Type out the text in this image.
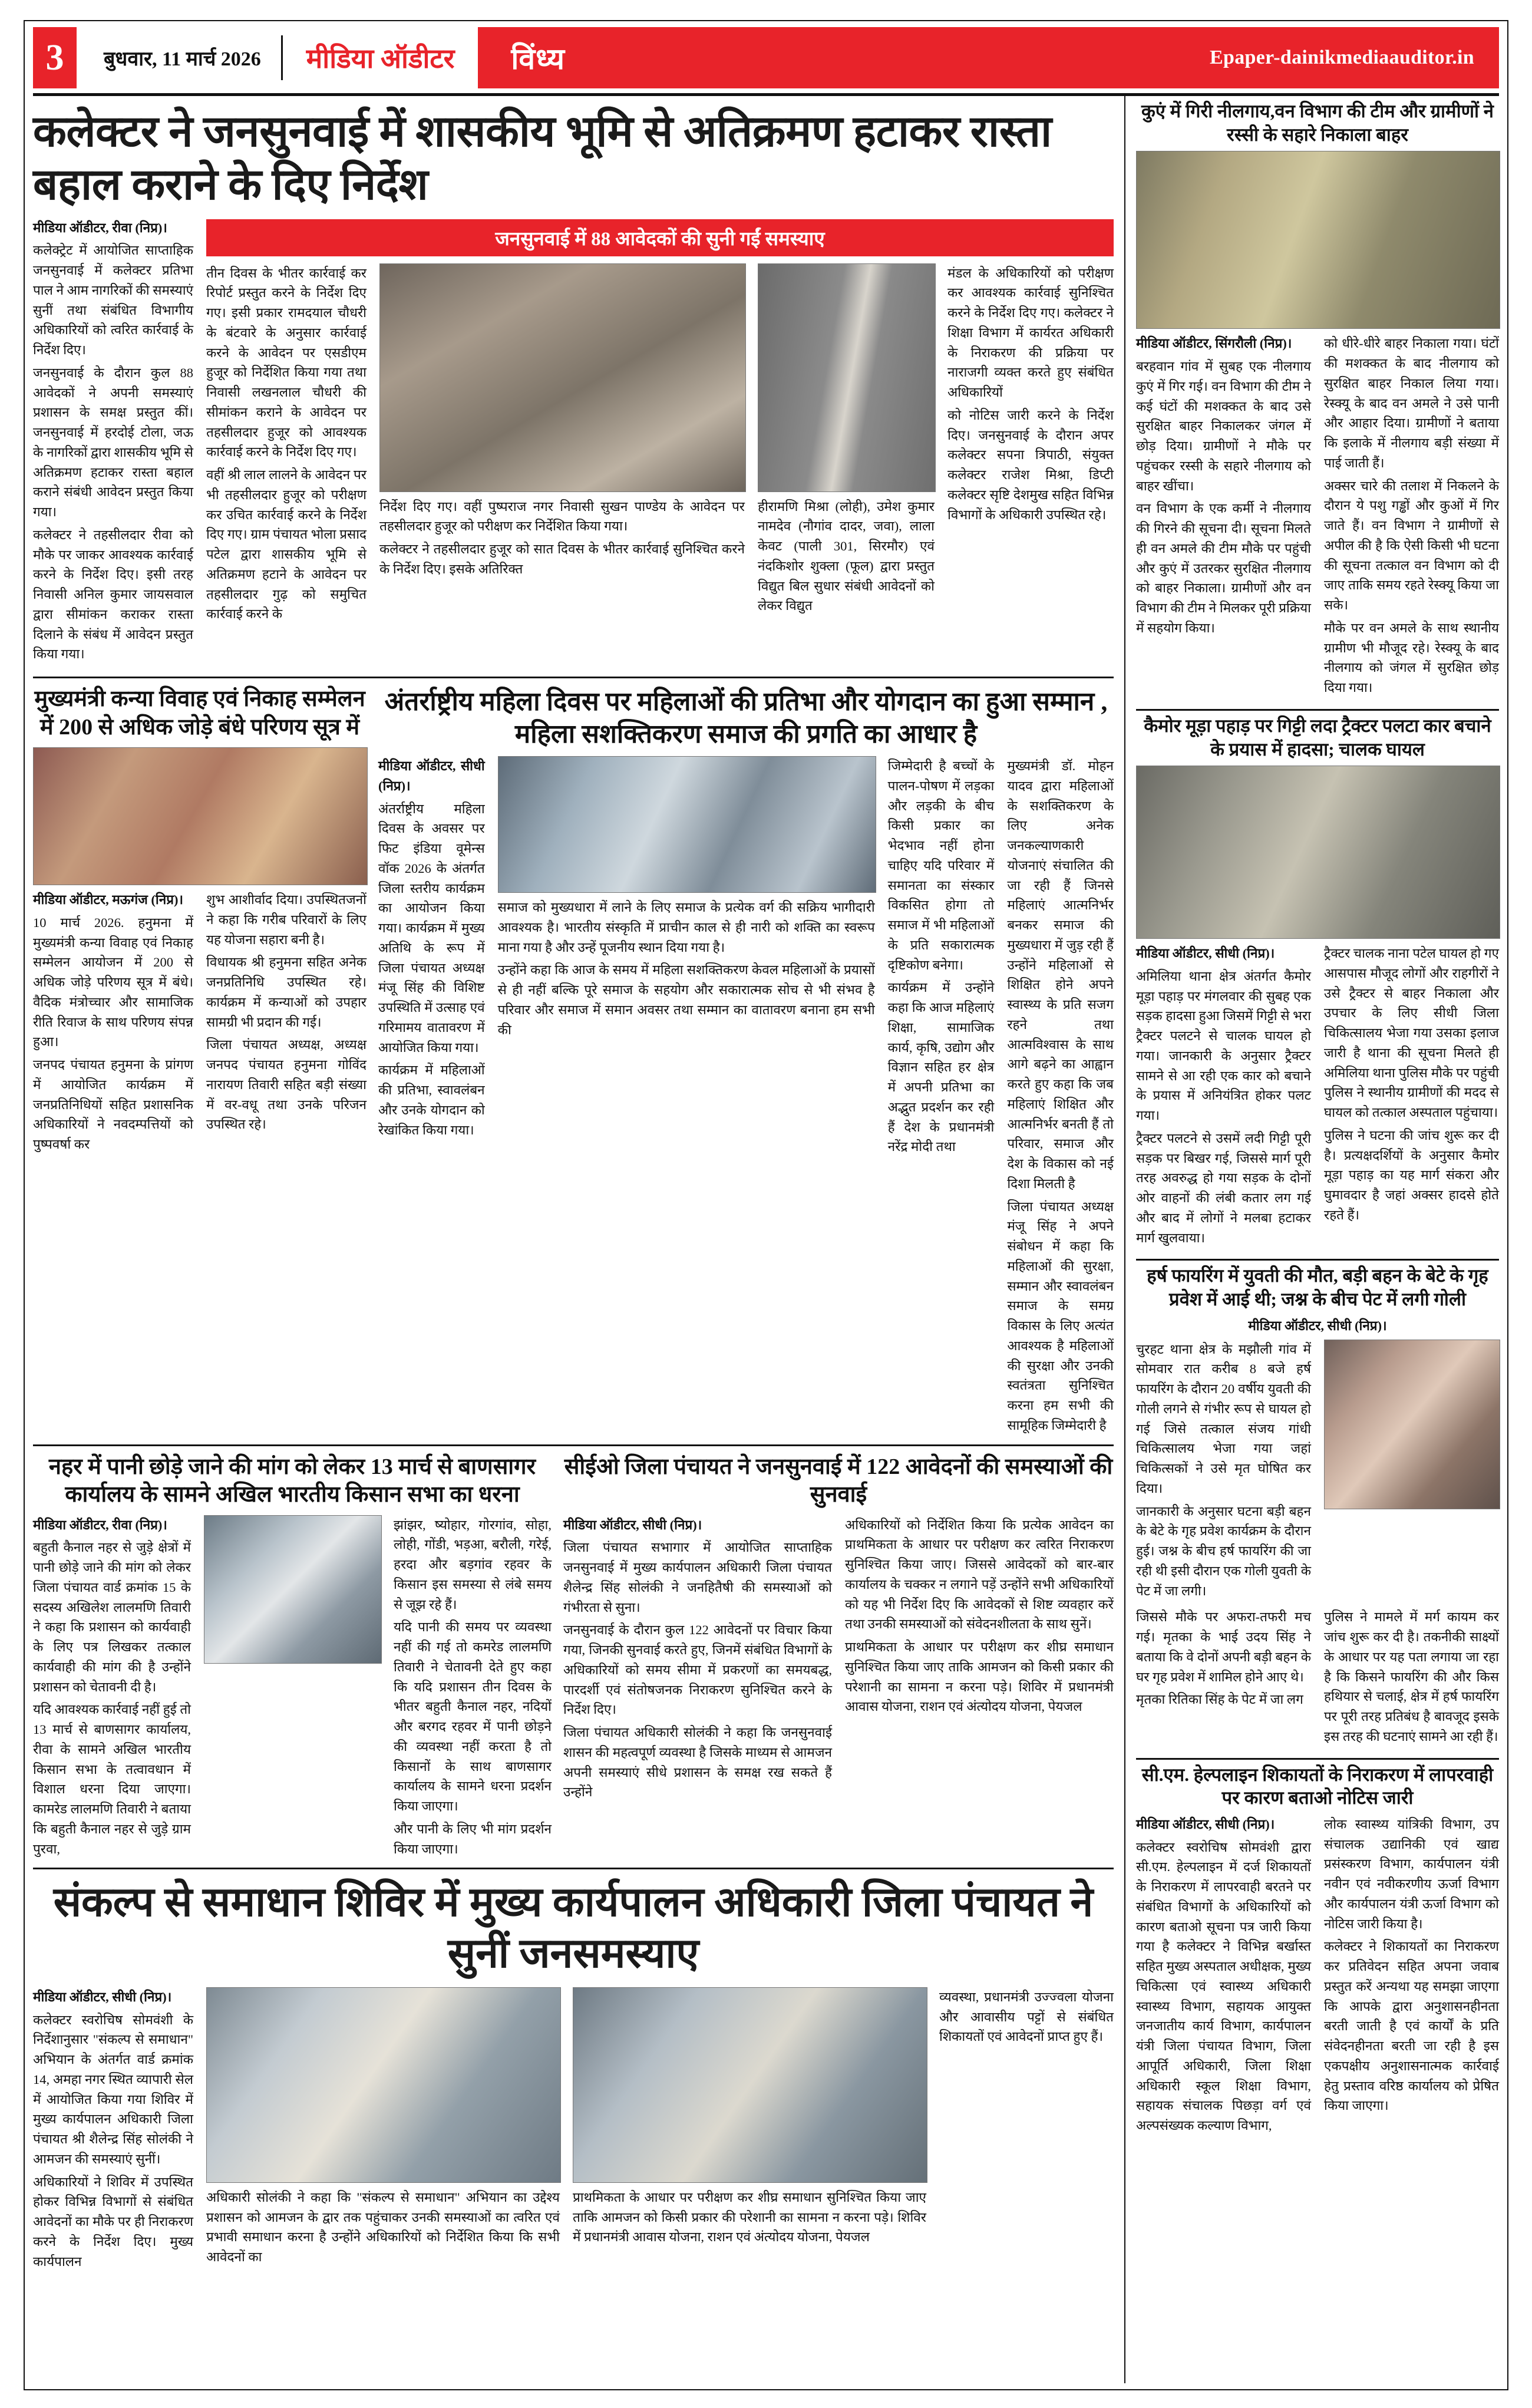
3	बुधवार, 11 मार्च 2026	मीडिया ऑडीटर	विंध्य	Epaper-dainikmediaauditor.in
कलेक्टर ने जनसुनवाई में शासकीय भूमि से अतिक्रमण हटाकर रास्ता बहाल कराने के दिए निर्देश

मीडिया ऑडीटर, रीवा (निप्र)।

कलेक्ट्रेट में आयोजित साप्ताहिक जनसुनवाई में कलेक्टर प्रतिभा पाल ने आम नागरिकों की समस्याएं सुनीं तथा संबंधित विभागीय अधिकारियों को त्वरित कार्रवाई के निर्देश दिए।

जनसुनवाई के दौरान कुल 88 आवेदकों ने अपनी समस्याएं प्रशासन के समक्ष प्रस्तुत कीं। जनसुनवाई में हरदोई टोला, जऊ के नागरिकों द्वारा शासकीय भूमि से अतिक्रमण हटाकर रास्ता बहाल कराने संबंधी आवेदन प्रस्तुत किया गया।

कलेक्टर ने तहसीलदार रीवा को मौके पर जाकर आवश्यक कार्रवाई करने के निर्देश दिए। इसी तरह निवासी अनिल कुमार जायसवाल द्वारा सीमांकन कराकर रास्ता दिलाने के संबंध में आवेदन प्रस्तुत किया गया।

जनसुनवाई में 88 आवेदकों की सुनी गईं समस्याए

तीन दिवस के भीतर कार्रवाई कर रिपोर्ट प्रस्तुत करने के निर्देश दिए गए। इसी प्रकार रामदयाल चौधरी के बंटवारे के अनुसार कार्रवाई करने के आवेदन पर एसडीएम हुजूर को निर्देशित किया गया तथा निवासी लखनलाल चौधरी की सीमांकन कराने के आवेदन पर तहसीलदार हुजूर को आवश्यक कार्रवाई करने के निर्देश दिए गए।

वहीं श्री लाल लालने के आवेदन पर भी तहसीलदार हुजूर को परीक्षण कर उचित कार्रवाई करने के निर्देश दिए गए। ग्राम पंचायत भोला प्रसाद पटेल द्वारा शासकीय भूमि से अतिक्रमण हटाने के आवेदन पर तहसीलदार गुढ़ को समुचित कार्रवाई करने के

निर्देश दिए गए। वहीं पुष्पराज नगर निवासी सुखन पाण्डेय के आवेदन पर तहसीलदार हुजूर को परीक्षण कर निर्देशित किया गया।

कलेक्टर ने तहसीलदार हुजूर को सात दिवस के भीतर कार्रवाई सुनिश्चित करने के निर्देश दिए। इसके अतिरिक्त

हीरामणि मिश्रा (लोही), उमेश कुमार नामदेव (नौगांव दादर, जवा), लाला केवट (पाली 301, सिरमौर) एवं नंदकिशोर शुक्ला (फूल) द्वारा प्रस्तुत विद्युत बिल सुधार संबंधी आवेदनों को लेकर विद्युत

मंडल के अधिकारियों को परीक्षण कर आवश्यक कार्रवाई सुनिश्चित करने के निर्देश दिए गए। कलेक्टर ने शिक्षा विभाग में कार्यरत अधिकारी के निराकरण की प्रक्रिया पर नाराजगी व्यक्त करते हुए संबंधित अधिकारियों

को नोटिस जारी करने के निर्देश दिए। जनसुनवाई के दौरान अपर कलेक्टर सपना त्रिपाठी, संयुक्त कलेक्टर राजेश मिश्रा, डिप्टी कलेक्टर सृष्टि देशमुख सहित विभिन्न विभागों के अधिकारी उपस्थित रहे।

मुख्यमंत्री कन्या विवाह एवं निकाह सम्मेलन में 200 से अधिक जोड़े बंधे परिणय सूत्र में

मीडिया ऑडीटर, मऊगंज (निप्र)।

10 मार्च 2026. हनुमना में मुख्यमंत्री कन्या विवाह एवं निकाह सम्मेलन आयोजन में 200 से अधिक जोड़े परिणय सूत्र में बंधे। वैदिक मंत्रोच्चार और सामाजिक रीति रिवाज के साथ परिणय संपन्न हुआ।

जनपद पंचायत हनुमना के प्रांगण में आयोजित कार्यक्रम में जनप्रतिनिधियों सहित प्रशासनिक अधिकारियों ने नवदम्पत्तियों को पुष्पवर्षा कर

शुभ आशीर्वाद दिया। उपस्थितजनों ने कहा कि गरीब परिवारों के लिए यह योजना सहारा बनी है।

विधायक श्री हनुमना सहित अनेक जनप्रतिनिधि उपस्थित रहे। कार्यक्रम में कन्याओं को उपहार सामग्री भी प्रदान की गई।

जिला पंचायत अध्यक्ष, अध्यक्ष जनपद पंचायत हनुमना गोविंद नारायण तिवारी सहित बड़ी संख्या में वर-वधू तथा उनके परिजन उपस्थित रहे।

अंतर्राष्ट्रीय महिला दिवस पर महिलाओं की प्रतिभा और योगदान का हुआ सम्मान , महिला सशक्तिकरण समाज की प्रगति का आधार है

मीडिया ऑडीटर, सीधी (निप्र)।

अंतर्राष्ट्रीय महिला दिवस के अवसर पर फिट इंडिया वूमेन्स वॉक 2026 के अंतर्गत जिला स्तरीय कार्यक्रम का आयोजन किया गया। कार्यक्रम में मुख्य अतिथि के रूप में जिला पंचायत अध्यक्ष मंजू सिंह की विशिष्ट उपस्थिति में उत्साह एवं गरिमामय वातावरण में आयोजित किया गया।

कार्यक्रम में महिलाओं की प्रतिभा, स्वावलंबन और उनके योगदान को रेखांकित किया गया।

समाज को मुख्यधारा में लाने के लिए समाज के प्रत्येक वर्ग की सक्रिय भागीदारी आवश्यक है। भारतीय संस्कृति में प्राचीन काल से ही नारी को शक्ति का स्वरूप माना गया है और उन्हें पूजनीय स्थान दिया गया है।

उन्होंने कहा कि आज के समय में महिला सशक्तिकरण केवल महिलाओं के प्रयासों से ही नहीं बल्कि पूरे समाज के सहयोग और सकारात्मक सोच से भी संभव है परिवार और समाज में समान अवसर तथा सम्मान का वातावरण बनाना हम सभी की

जिम्मेदारी है बच्चों के पालन-पोषण में लड़का और लड़की के बीच किसी प्रकार का भेदभाव नहीं होना चाहिए यदि परिवार में समानता का संस्कार विकसित होगा तो समाज में भी महिलाओं के प्रति सकारात्मक दृष्टिकोण बनेगा।

कार्यक्रम में उन्होंने कहा कि आज महिलाएं शिक्षा, सामाजिक कार्य, कृषि, उद्योग और विज्ञान सहित हर क्षेत्र में अपनी प्रतिभा का अद्भुत प्रदर्शन कर रही हैं देश के प्रधानमंत्री नरेंद्र मोदी तथा

मुख्यमंत्री डॉ. मोहन यादव द्वारा महिलाओं के सशक्तिकरण के लिए अनेक जनकल्याणकारी योजनाएं संचालित की जा रही हैं जिनसे महिलाएं आत्मनिर्भर बनकर समाज की मुख्यधारा में जुड़ रही हैं उन्होंने महिलाओं से शिक्षित होने अपने स्वास्थ्य के प्रति सजग रहने तथा आत्मविश्वास के साथ आगे बढ़ने का आह्वान करते हुए कहा कि जब महिलाएं शिक्षित और आत्मनिर्भर बनती हैं तो परिवार, समाज और देश के विकास को नई दिशा मिलती है

जिला पंचायत अध्यक्ष मंजू सिंह ने अपने संबोधन में कहा कि महिलाओं की सुरक्षा, सम्मान और स्वावलंबन समाज के समग्र विकास के लिए अत्यंत आवश्यक है महिलाओं की सुरक्षा और उनकी स्वतंत्रता सुनिश्चित करना हम सभी की सामूहिक जिम्मेदारी है

नहर में पानी छोड़े जाने की मांग को लेकर 13 मार्च से बाणसागर कार्यालय के सामने अखिल भारतीय किसान सभा का धरना

मीडिया ऑडीटर, रीवा (निप्र)।

बहुती कैनाल नहर से जुड़े क्षेत्रों में पानी छोड़े जाने की मांग को लेकर जिला पंचायत वार्ड क्रमांक 15 के सदस्य अखिलेश लालमणि तिवारी ने कहा कि प्रशासन को कार्यवाही के लिए पत्र लिखकर तत्काल कार्यवाही की मांग की है उन्होंने प्रशासन को चेतावनी दी है।

यदि आवश्यक कार्रवाई नहीं हुई तो 13 मार्च से बाणसागर कार्यालय, रीवा के सामने अखिल भारतीय किसान सभा के तत्वावधान में विशाल धरना दिया जाएगा। कामरेड लालमणि तिवारी ने बताया कि बहुती कैनाल नहर से जुड़े ग्राम पुरवा,

झांझर, ष्योहार, गोरगांव, सोहा, लोही, गोंडी, भड़आ, बरौली, गरेई, हरदा और बड़गांव रहवर के किसान इस समस्या से लंबे समय से जूझ रहे हैं।

यदि पानी की समय पर व्यवस्था नहीं की गई तो कमरेड लालमणि तिवारी ने चेतावनी देते हुए कहा कि यदि प्रशासन तीन दिवस के भीतर बहुती कैनाल नहर, नदियों और बरगद रहवर में पानी छोड़ने की व्यवस्था नहीं करता है तो किसानों के साथ बाणसागर कार्यालय के सामने धरना प्रदर्शन किया जाएगा।

और पानी के लिए भी मांग प्रदर्शन किया जाएगा।

सीईओ जिला पंचायत ने जनसुनवाई में 122 आवेदनों की समस्याओं की सुनवाई

मीडिया ऑडीटर, सीधी (निप्र)।

जिला पंचायत सभागार में आयोजित साप्ताहिक जनसुनवाई में मुख्य कार्यपालन अधिकारी जिला पंचायत शैलेन्द्र सिंह सोलंकी ने जनहितैषी की समस्याओं को गंभीरता से सुना।

जनसुनवाई के दौरान कुल 122 आवेदनों पर विचार किया गया, जिनकी सुनवाई करते हुए, जिनमें संबंधित विभागों के अधिकारियों को समय सीमा में प्रकरणों का समयबद्ध, पारदर्शी एवं संतोषजनक निराकरण सुनिश्चित करने के निर्देश दिए।

जिला पंचायत अधिकारी सोलंकी ने कहा कि जनसुनवाई शासन की महत्वपूर्ण व्यवस्था है जिसके माध्यम से आमजन अपनी समस्याएं सीधे प्रशासन के समक्ष रख सकते हैं उन्होंने

अधिकारियों को निर्देशित किया कि प्रत्येक आवेदन का प्राथमिकता के आधार पर परीक्षण कर त्वरित निराकरण सुनिश्चित किया जाए। जिससे आवेदकों को बार-बार कार्यालय के चक्कर न लगाने पड़ें उन्होंने सभी अधिकारियों को यह भी निर्देश दिए कि आवेदकों से शिष्ट व्यवहार करें तथा उनकी समस्याओं को संवेदनशीलता के साथ सुनें।

प्राथमिकता के आधार पर परीक्षण कर शीघ्र समाधान सुनिश्चित किया जाए ताकि आमजन को किसी प्रकार की परेशानी का सामना न करना पड़े। शिविर में प्रधानमंत्री आवास योजना, राशन एवं अंत्योदय योजना, पेयजल

संकल्प से समाधान शिविर में मुख्य कार्यपालन अधिकारी जिला पंचायत ने सुनीं जनसमस्याए

मीडिया ऑडीटर, सीधी (निप्र)।

कलेक्टर स्वरोचिष सोमवंशी के निर्देशानुसार "संकल्प से समाधान" अभियान के अंतर्गत वार्ड क्रमांक 14, अमहा नगर स्थित व्यापारी सेल में आयोजित किया गया शिविर में मुख्य कार्यपालन अधिकारी जिला पंचायत श्री शैलेन्द्र सिंह सोलंकी ने आमजन की समस्याएं सुनीं।

अधिकारियों ने शिविर में उपस्थित होकर विभिन्न विभागों से संबंधित आवेदनों का मौके पर ही निराकरण करने के निर्देश दिए। मुख्य कार्यपालन

अधिकारी सोलंकी ने कहा कि "संकल्प से समाधान" अभियान का उद्देश्य प्रशासन को आमजन के द्वार तक पहुंचाकर उनकी समस्याओं का त्वरित एवं प्रभावी समाधान करना है उन्होंने अधिकारियों को निर्देशित किया कि सभी आवेदनों का

प्राथमिकता के आधार पर परीक्षण कर शीघ्र समाधान सुनिश्चित किया जाए ताकि आमजन को किसी प्रकार की परेशानी का सामना न करना पड़े। शिविर में प्रधानमंत्री आवास योजना, राशन एवं अंत्योदय योजना, पेयजल

व्यवस्था, प्रधानमंत्री उज्ज्वला योजना और आवासीय पट्टों से संबंधित शिकायतों एवं आवेदनों प्राप्त हुए हैं।

कुएं में गिरी नीलगाय,वन विभाग की टीम और ग्रामीणों ने रस्सी के सहारे निकाला बाहर

मीडिया ऑडीटर, सिंगरौली (निप्र)।

बरहवान गांव में सुबह एक नीलगाय कुएं में गिर गई। वन विभाग की टीम ने कई घंटों की मशक्कत के बाद उसे सुरक्षित बाहर निकालकर जंगल में छोड़ दिया। ग्रामीणों ने मौके पर पहुंचकर रस्सी के सहारे नीलगाय को बाहर खींचा।

वन विभाग के एक कर्मी ने नीलगाय की गिरने की सूचना दी। सूचना मिलते ही वन अमले की टीम मौके पर पहुंची और कुएं में उतरकर सुरक्षित नीलगाय को बाहर निकाला। ग्रामीणों और वन विभाग की टीम ने मिलकर पूरी प्रक्रिया में सहयोग किया।

को धीरे-धीरे बाहर निकाला गया। घंटों की मशक्कत के बाद नीलगाय को सुरक्षित बाहर निकाल लिया गया। रेस्क्यू के बाद वन अमले ने उसे पानी और आहार दिया। ग्रामीणों ने बताया कि इलाके में नीलगाय बड़ी संख्या में पाई जाती हैं।

अक्सर चारे की तलाश में निकलने के दौरान ये पशु गड्ढों और कुओं में गिर जाते हैं। वन विभाग ने ग्रामीणों से अपील की है कि ऐसी किसी भी घटना की सूचना तत्काल वन विभाग को दी जाए ताकि समय रहते रेस्क्यू किया जा सके।

मौके पर वन अमले के साथ स्थानीय ग्रामीण भी मौजूद रहे। रेस्क्यू के बाद नीलगाय को जंगल में सुरक्षित छोड़ दिया गया।

कैमोर मूड़ा पहाड़ पर गिट्टी लदा ट्रैक्टर पलटा कार बचाने के प्रयास में हादसा; चालक घायल

मीडिया ऑडीटर, सीधी (निप्र)।

अमिलिया थाना क्षेत्र अंतर्गत कैमोर मूड़ा पहाड़ पर मंगलवार की सुबह एक सड़क हादसा हुआ जिसमें गिट्टी से भरा ट्रैक्टर पलटने से चालक घायल हो गया। जानकारी के अनुसार ट्रैक्टर सामने से आ रही एक कार को बचाने के प्रयास में अनियंत्रित होकर पलट गया।

ट्रैक्टर पलटने से उसमें लदी गिट्टी पूरी सड़क पर बिखर गई, जिससे मार्ग पूरी तरह अवरुद्ध हो गया सड़क के दोनों ओर वाहनों की लंबी कतार लग गई और बाद में लोगों ने मलबा हटाकर मार्ग खुलवाया।

ट्रैक्टर चालक नाना पटेल घायल हो गए आसपास मौजूद लोगों और राहगीरों ने उसे ट्रैक्टर से बाहर निकाला और उपचार के लिए सीधी जिला चिकित्सालय भेजा गया उसका इलाज जारी है थाना की सूचना मिलते ही अमिलिया थाना पुलिस मौके पर पहुंची पुलिस ने स्थानीय ग्रामीणों की मदद से घायल को तत्काल अस्पताल पहुंचाया।

पुलिस ने घटना की जांच शुरू कर दी है। प्रत्यक्षदर्शियों के अनुसार कैमोर मूड़ा पहाड़ का यह मार्ग संकरा और घुमावदार है जहां अक्सर हादसे होते रहते हैं।

हर्ष फायरिंग में युवती की मौत, बड़ी बहन के बेटे के गृह प्रवेश में आई थी; जश्न के बीच पेट में लगी गोली

मीडिया ऑडीटर, सीधी (निप्र)।

चुरहट थाना क्षेत्र के मझौली गांव में सोमवार रात करीब 8 बजे हर्ष फायरिंग के दौरान 20 वर्षीय युवती की गोली लगने से गंभीर रूप से घायल हो गई जिसे तत्काल संजय गांधी चिकित्सालय भेजा गया जहां चिकित्सकों ने उसे मृत घोषित कर दिया।

जानकारी के अनुसार घटना बड़ी बहन के बेटे के गृह प्रवेश कार्यक्रम के दौरान हुई। जश्न के बीच हर्ष फायरिंग की जा रही थी इसी दौरान एक गोली युवती के पेट में जा लगी।

जिससे मौके पर अफरा-तफरी मच गई। मृतका के भाई उदय सिंह ने बताया कि वे दोनों अपनी बड़ी बहन के घर गृह प्रवेश में शामिल होने आए थे।

मृतका रितिका सिंह के पेट में जा लग

पुलिस ने मामले में मर्ग कायम कर जांच शुरू कर दी है। तकनीकी साक्ष्यों के आधार पर यह पता लगाया जा रहा है कि किसने फायरिंग की और किस हथियार से चलाई, क्षेत्र में हर्ष फायरिंग पर पूरी तरह प्रतिबंध है बावजूद इसके इस तरह की घटनाएं सामने आ रही हैं।

सी.एम. हेल्पलाइन शिकायतों के निराकरण में लापरवाही पर कारण बताओ नोटिस जारी

मीडिया ऑडीटर, सीधी (निप्र)।

कलेक्टर स्वरोचिष सोमवंशी द्वारा सी.एम. हेल्पलाइन में दर्ज शिकायतों के निराकरण में लापरवाही बरतने पर संबंधित विभागों के अधिकारियों को कारण बताओ सूचना पत्र जारी किया गया है कलेक्टर ने विभिन्न बर्खास्त सहित मुख्य अस्पताल अधीक्षक, मुख्य चिकित्सा एवं स्वास्थ्य अधिकारी स्वास्थ्य विभाग, सहायक आयुक्त जनजातीय कार्य विभाग, कार्यपालन यंत्री जिला पंचायत विभाग, जिला आपूर्ति अधिकारी, जिला शिक्षा अधिकारी स्कूल शिक्षा विभाग, सहायक संचालक पिछड़ा वर्ग एवं अल्पसंख्यक कल्याण विभाग,

लोक स्वास्थ्य यांत्रिकी विभाग, उप संचालक उद्यानिकी एवं खाद्य प्रसंस्करण विभाग, कार्यपालन यंत्री नवीन एवं नवीकरणीय ऊर्जा विभाग और कार्यपालन यंत्री ऊर्जा विभाग को नोटिस जारी किया है।

कलेक्टर ने शिकायतों का निराकरण कर प्रतिवेदन सहित अपना जवाब प्रस्तुत करें अन्यथा यह समझा जाएगा कि आपके द्वारा अनुशासनहीनता बरती जाती है एवं कार्यों के प्रति संवेदनहीनता बरती जा रही है इस एकपक्षीय अनुशासनात्मक कार्रवाई हेतु प्रस्ताव वरिष्ठ कार्यालय को प्रेषित किया जाएगा।
